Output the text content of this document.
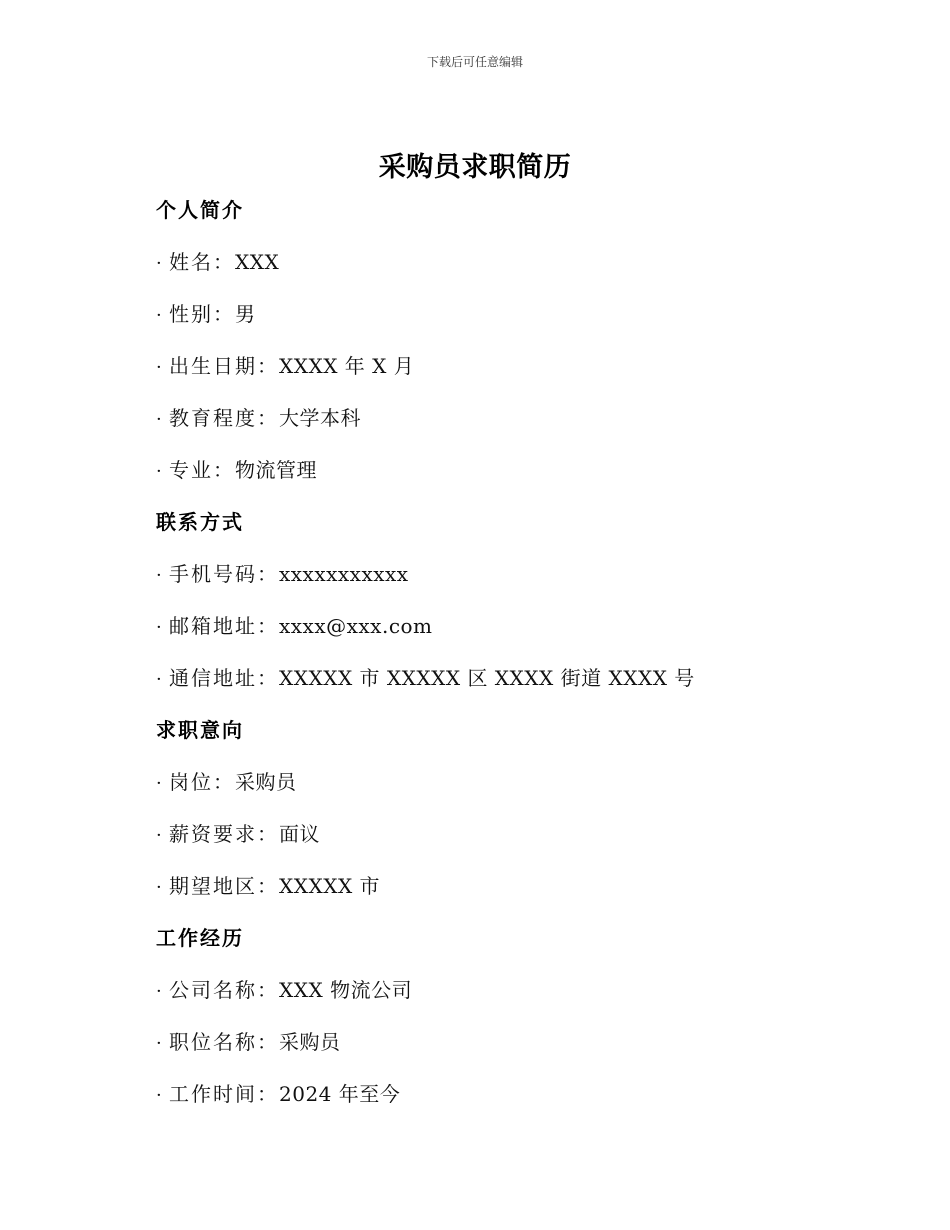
下载后可任意编辑
采购员求职简历
个人简介
· 姓名：XXX
· 性别：男
· 出生日期：XXXX 年 X 月
· 教育程度：大学本科
· 专业：物流管理
联系方式
· 手机号码：xxxxxxxxxxx
· 邮箱地址：xxxx@xxx.com
· 通信地址：XXXXX 市 XXXXX 区 XXXX 街道 XXXX 号
求职意向
· 岗位：采购员
· 薪资要求：面议
· 期望地区：XXXXX 市
工作经历
· 公司名称：XXX 物流公司
· 职位名称：采购员
· 工作时间：2024 年至今
